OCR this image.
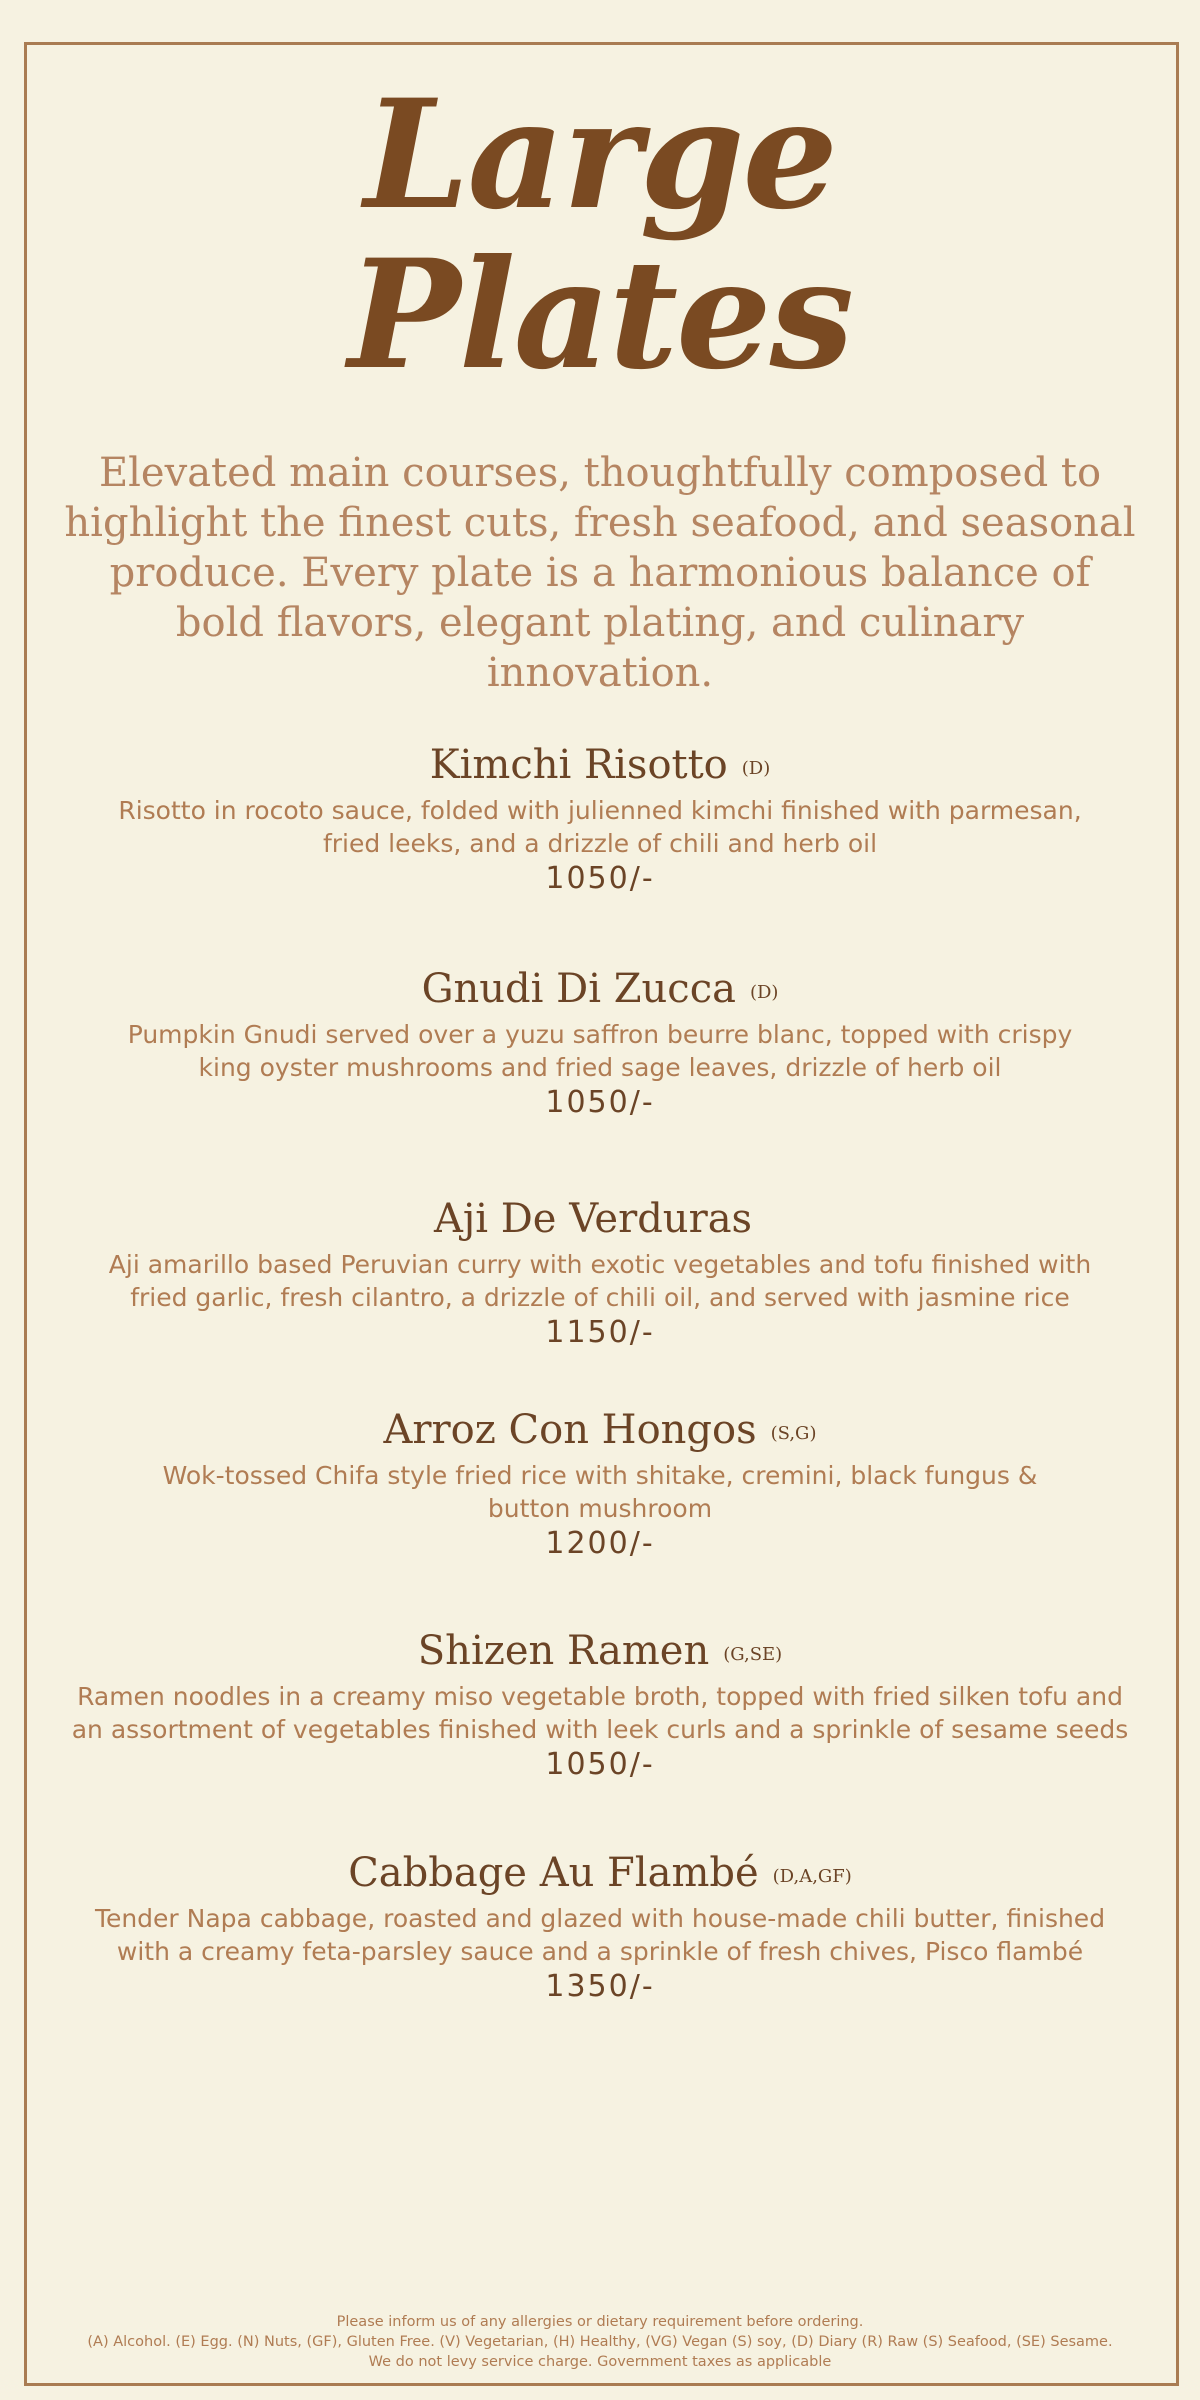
Large
Plates
Elevated main courses, thoughtfully composed to highlight the finest cuts, fresh seafood, and seasonal produce. Every plate is a harmonious balance of bold flavors, elegant plating, and culinary innovation.
Kimchi Risotto (D)
Risotto in rocoto sauce, folded with julienned kimchi finished with parmesan,
fried leeks, and a drizzle of chili and herb oil
1050/-
Gnudi Di Zucca (D)
Pumpkin Gnudi served over a yuzu saffron beurre blanc, topped with crispy
king oyster mushrooms and fried sage leaves, drizzle of herb oil
1050/-
Aji De Verduras
Aji amarillo based Peruvian curry with exotic vegetables and tofu finished with
fried garlic, fresh cilantro, a drizzle of chili oil, and served with jasmine rice
1150/-
Arroz Con Hongos (S,G)
Wok-tossed Chifa style fried rice with shitake, cremini, black fungus &
button mushroom
1200/-
Shizen Ramen (G,SE)
Ramen noodles in a creamy miso vegetable broth, topped with fried silken tofu and
an assortment of vegetables finished with leek curls and a sprinkle of sesame seeds
1050/-
Cabbage Au Flambé (D,A,GF)
Tender Napa cabbage, roasted and glazed with house-made chili butter, finished
with a creamy feta-parsley sauce and a sprinkle of fresh chives, Pisco flambé
1350/-
Please inform us of any allergies or dietary requirement before ordering.
(A) Alcohol. (E) Egg. (N) Nuts, (GF), Gluten Free. (V) Vegetarian, (H) Healthy, (VG) Vegan (S) soy, (D) Diary (R) Raw (S) Seafood, (SE) Sesame.
We do not levy service charge. Government taxes as applicable
